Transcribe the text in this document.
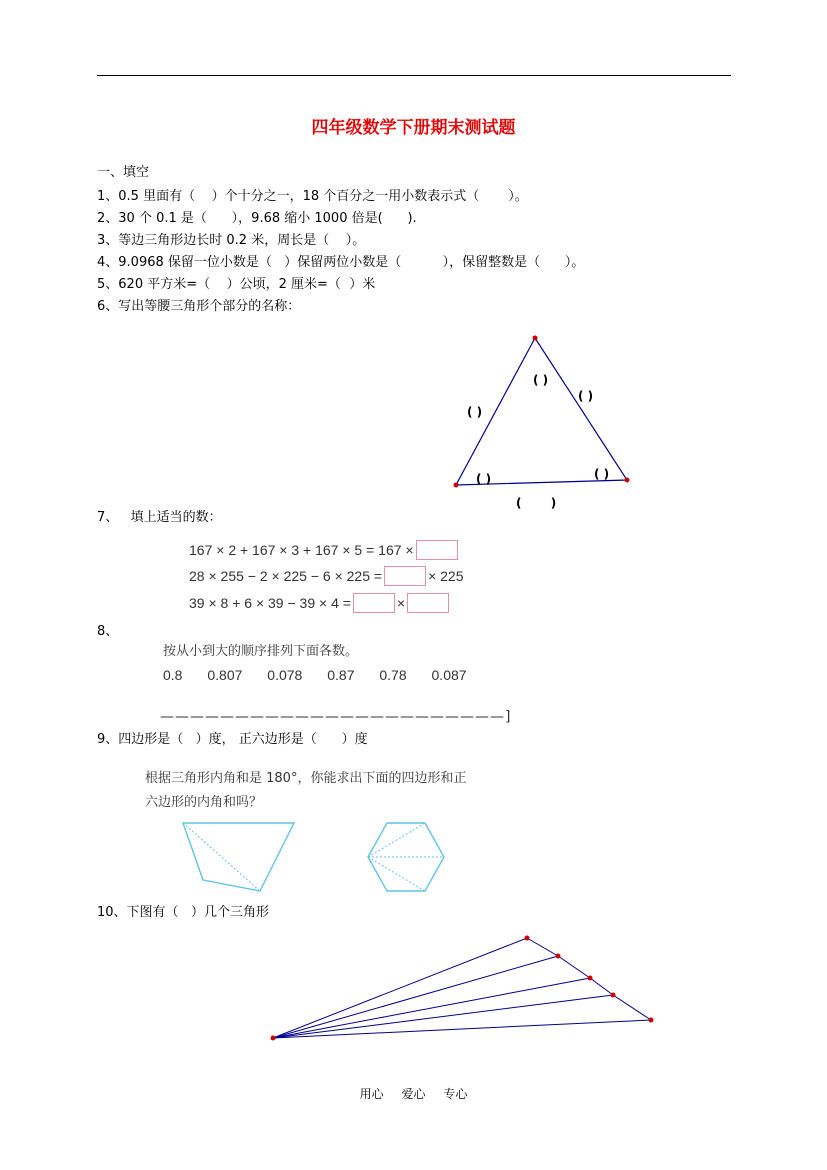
四年级数学下册期末测试题
一、填空
1、0.5 里面有（    ）个十分之一，18 个百分之一用小数表示式（       ）。
2、30 个 0.1 是（      ），9.68 缩小 1000 倍是(      ).
3、等边三角形边长时 0.2 米，周长是（    ）。
4、9.0968 保留一位小数是（   ）保留两位小数是（          ），保留整数是（      ）。
5、620 平方米=（    ）公顷，2 厘米=（  ）米
6、写出等腰三角形个部分的名称：
( )
( )
( )
( )	( )
(       )
7、   填上适当的数：
167 × 2 + 167 × 3 + 167 × 5 = 167 ×
28 × 255 − 2 × 225 − 6 × 225 =	× 225
39 × 8 + 6 × 39 − 39 × 4 =	×
8、
按从小到大的顺序排列下面各数。
0.8 0.807 0.078 0.87 0.78 0.087
———————————————————————]
9、四边形是（   ）度， 正六边形是（      ）度
根据三角形内角和是 180°，你能求出下面的四边形和正
六边形的内角和吗？
10、下图有（   ）几个三角形
用心 爱心 专心
